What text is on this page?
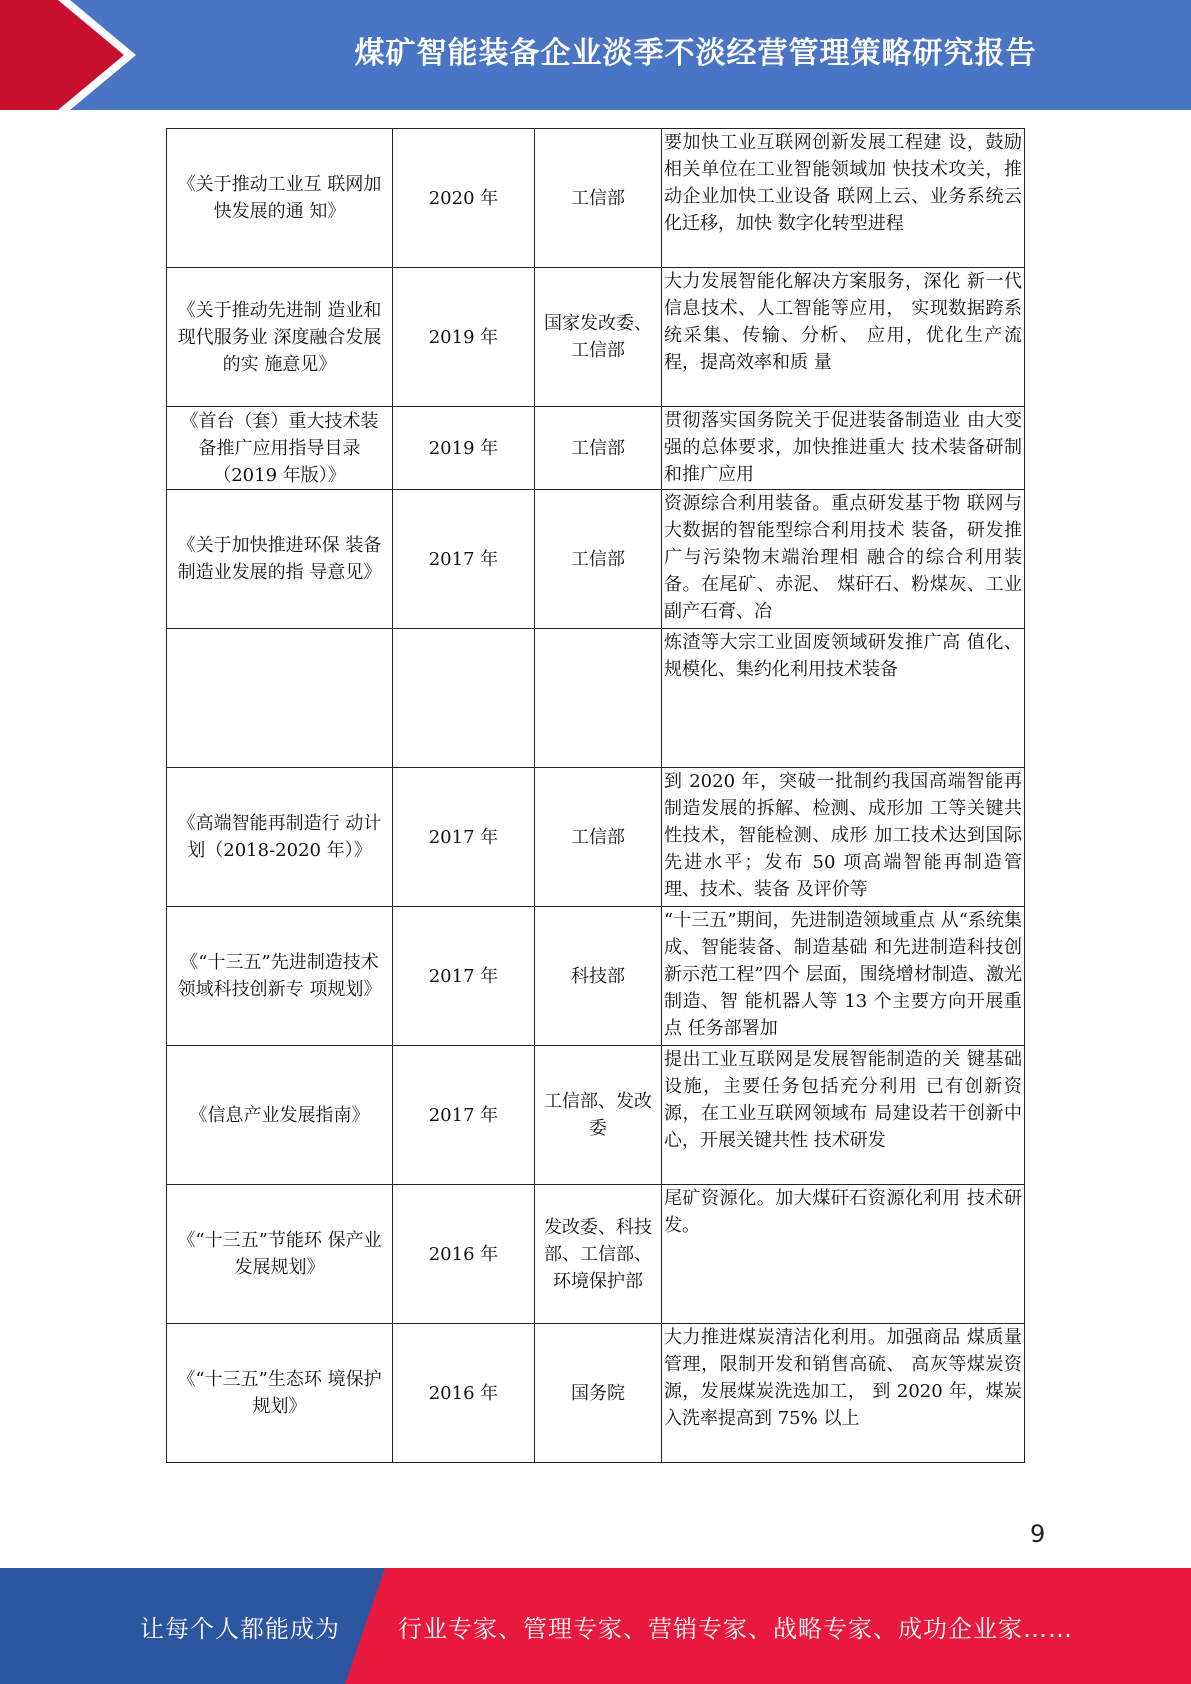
煤矿智能装备企业淡季不淡经营管理策略研究报告
《关于推动工业互 联网加快发展的通 知》	2020 年	工信部	要加快工业互联网创新发展工程建 设，鼓励相关单位在工业智能领域加 快技术攻关，推动企业加快工业设备 联网上云、业务系统云化迁移，加快 数字化转型进程
《关于推动先进制 造业和现代服务业 深度融合发展的实 施意见》	2019 年	国家发改委、工信部	大力发展智能化解决方案服务，深化 新一代信息技术、人工智能等应用， 实现数据跨系统采集、传输、分析、 应用，优化生产流程，提高效率和质 量
《首台（套）重大技术装备推广应用指导目录（2019 年版）》	2019 年	工信部	贯彻落实国务院关于促进装备制造业 由大变强的总体要求，加快推进重大 技术装备研制和推广应用
《关于加快推进环保 装备制造业发展的指 导意见》	2017 年	工信部	资源综合利用装备。重点研发基于物 联网与大数据的智能型综合利用技术 装备，研发推广与污染物末端治理相 融合的综合利用装备。在尾矿、赤泥、 煤矸石、粉煤灰、工业副产石膏、冶
			炼渣等大宗工业固废领域研发推广高 值化、规模化、集约化利用技术装备
《高端智能再制造行 动计划（2018-2020 年）》	2017 年	工信部	到 2020 年，突破一批制约我国高端智能再制造发展的拆解、检测、成形加 工等关键共性技术，智能检测、成形 加工技术达到国际先进水平；发布 50 项高端智能再制造管理、技术、装备 及评价等
《“十三五”先进制造技术领域科技创新专 项规划》	2017 年	科技部	“十三五”期间，先进制造领域重点 从“系统集成、智能装备、制造基础 和先进制造科技创新示范工程”四个 层面，围绕增材制造、激光制造、智 能机器人等 13 个主要方向开展重点 任务部署加
《信息产业发展指南》	2017 年	工信部、发改委	提出工业互联网是发展智能制造的关 键基础设施，主要任务包括充分利用 已有创新资源，在工业互联网领域布 局建设若干创新中心，开展关键共性 技术研发
《“十三五”节能环 保产业发展规划》	2016 年	发改委、科技部、工信部、环境保护部	尾矿资源化。加大煤矸石资源化利用 技术研发。
《“十三五”生态环 境保护规划》	2016 年	国务院	大力推进煤炭清洁化利用。加强商品 煤质量管理，限制开发和销售高硫、 高灰等煤炭资源，发展煤炭洗选加工， 到 2020 年，煤炭入洗率提高到 75% 以上
9
让每个人都能成为 行业专家、管理专家、营销专家、战略专家、成功企业家……
